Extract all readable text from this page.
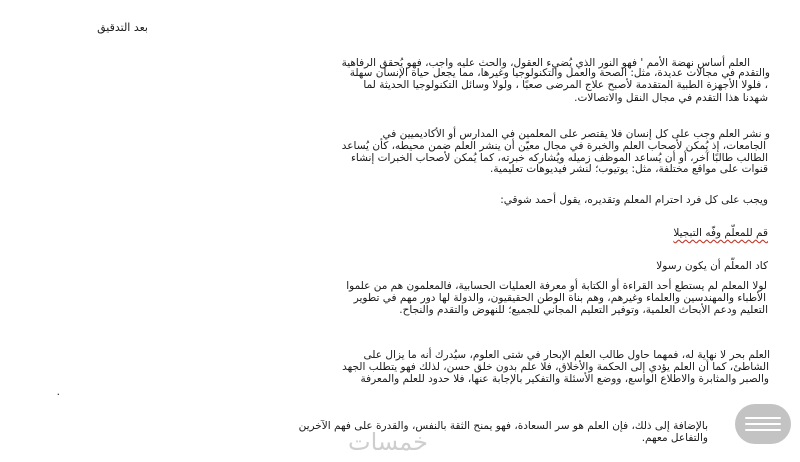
بعد التدقيق
العلم أساس نهضة الأمم ' فهو النور الذي يُضيء العقول، والحث عليه واجب، فهو يُحقق الرفاهية
والتقدم في مجالات عديدة، مثل: الصحة والعمل والتكنولوجيا وغيرها، مما يجعل حياة الإنسان سهلة
، فلولا الأجهزة الطبية المتقدمة لأصبح علاج المرضى صعبًا ، ولولا وسائل التكنولوجيا الحديثة لما
شهدنا هذا التقدم في مجال النقل والاتصالات.
و نشر العلم وجب على كل إنسان فلا يقتصر على المعلمين في المدارس أو الأكاديميين في
الجامعات، إذ يُمكن لأصحاب العلم والخبرة في مجال معيّن أن ينشر العلم ضمن محيطه، كأن يُساعد
الطالب طالبًا آخر، أو أن يُساعد الموظف زميله ويُشاركه خبرته، كما يُمكن لأصحاب الخبرات إنشاء
قنوات على مواقع مختلفة، مثل: يوتيوب؛ لنشر فيديوهات تعليمية.
ويجب على كل فرد احترام المعلم وتقديره، يقول أحمد شوقي:
قم للمعلّم وفّه التبجيلا
كاد المعلّم أن يكون رسولا
لولا المعلم لم يستطع أحد القراءة أو الكتابة أو معرفة العمليات الحسابية، فالمعلمون هم من علموا
الأطباء والمهندسين والعلماء وغيرهم، وهم بناة الوطن الحقيقيون، والدولة لها دور مهم في تطوير
التعليم ودعم الأبحاث العلمية، وتوفير التعليم المجاني للجميع؛ للنهوض والتقدم والنجاح.
العلم بحر لا نهاية له، فمهما حاول طالب العلم الإبحار في شتى العلوم، سيُدرك أنه ما يزال على
الشاطئ، كما أن العلم يؤدي إلى الحكمة والأخلاق، فلا علم بدون خلق حسن، لذلك فهو يتطلب الجهد
والصبر والمثابرة والاطلاع الواسع، ووضع الأسئلة والتفكير بالإجابة عنها، فلا حدود للعلم والمعرفة
.
بالإضافة إلى ذلك، فإن العلم هو سر السعادة، فهو يمنح الثقة بالنفس، والقدرة على فهم الآخرين
والتفاعل معهم.
خمسات
